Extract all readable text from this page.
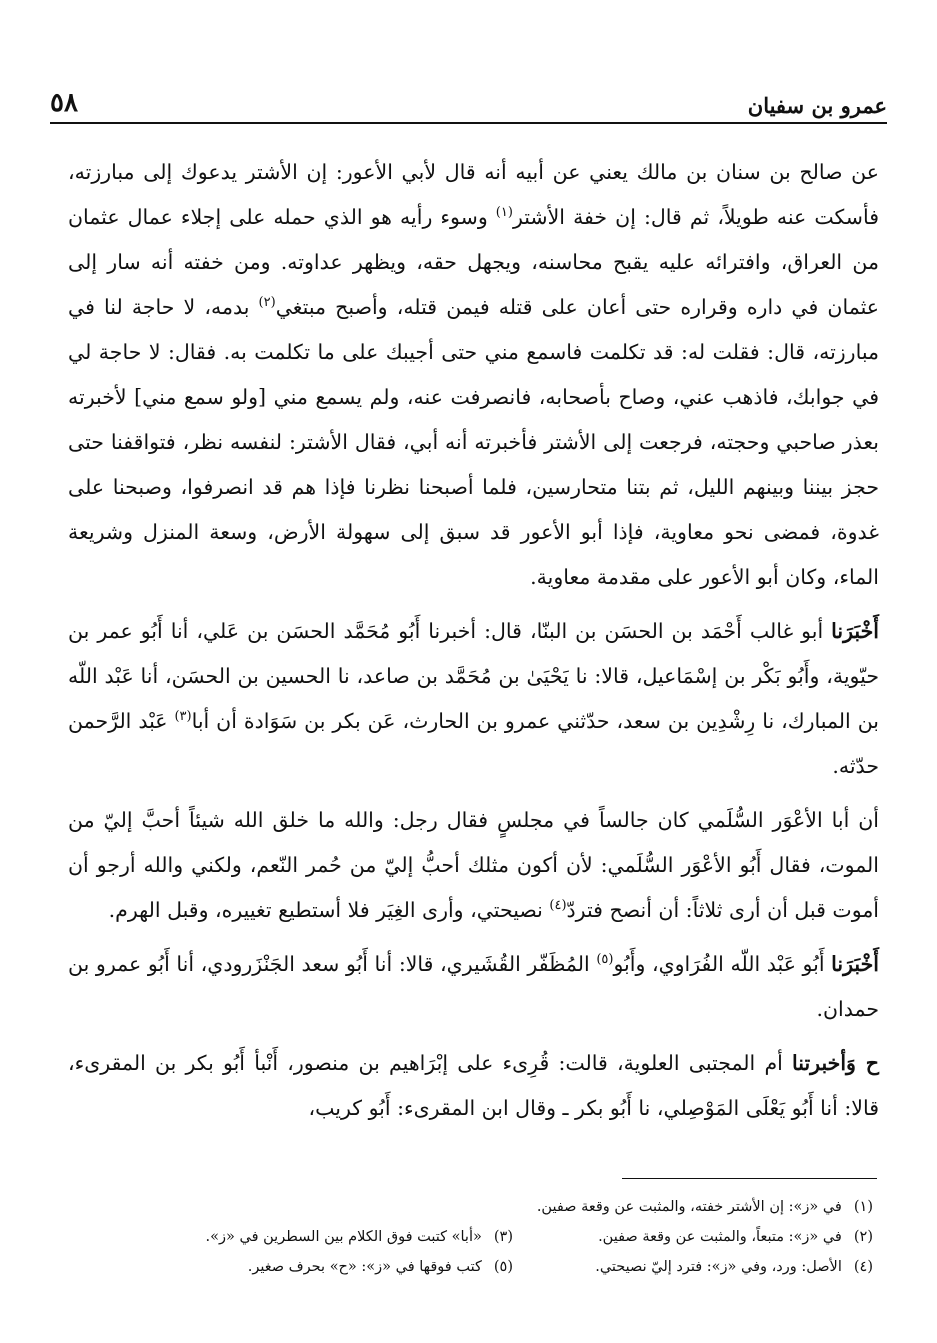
عمرو بن سفيان
٥٨

عن صالح بن سنان بن مالك يعني عن أبيه أنه قال لأبي الأعور: إن الأشتر يدعوك إلى مبارزته، فأسكت عنه طويلاً، ثم قال: إن خفة الأشتر$^{(١)}$ وسوء رأيه هو الذي حمله على إجلاء عمال عثمان من العراق، وافترائه عليه يقبح محاسنه، ويجهل حقه، ويظهر عداوته. ومن خفته أنه سار إلى عثمان في داره وقراره حتى أعان على قتله فيمن قتله، وأصبح مبتغي$^{(٢)}$ بدمه، لا حاجة لنا في مبارزته، قال: فقلت له: قد تكلمت فاسمع مني حتى أجيبك على ما تكلمت به. فقال: لا حاجة لي في جوابك، فاذهب عني، وصاح بأصحابه، فانصرفت عنه، ولم يسمع مني [ولو سمع مني] لأخبرته بعذر صاحبي وحجته، فرجعت إلى الأشتر فأخبرته أنه أبي، فقال الأشتر: لنفسه نظر، فتواقفنا حتى حجز بيننا وبينهم الليل، ثم بتنا متحارسين، فلما أصبحنا نظرنا فإذا هم قد انصرفوا، وصبحنا على غدوة، فمضى نحو معاوية، فإذا أبو الأعور قد سبق إلى سهولة الأرض، وسعة المنزل وشريعة الماء، وكان أبو الأعور على مقدمة معاوية.

أَخْبَرَنا أبو غالب أَحْمَد بن الحسَن بن البنّا، قال: أخبرنا أَبُو مُحَمَّد الحسَن بن عَلي، أنا أَبُو عمر بن حيّوية، وأَبُو بَكْر بن إسْمَاعيل، قالا: نا يَحْيَىٰ بن مُحَمَّد بن صاعد، نا الحسين بن الحسَن، أنا عَبْد اللّه بن المبارك، نا رِشْدِين بن سعد، حدّثني عمرو بن الحارث، عَن بكر بن سَوَادة أن أبا$^{(٣)}$ عَبْد الرَّحمن حدّثه.

أن أبا الأعْوَر السُّلَمي كان جالساً في مجلسٍ فقال رجل: والله ما خلق الله شيئاً أحبَّ إليّ من الموت، فقال أَبُو الأعْوَر السُّلَمي: لأن أكون مثلك أحبُّ إليّ من حُمر النّعم، ولكني والله أرجو أن أموت قبل أن أرى ثلاثاً: أن أنصح فتردّ$^{(٤)}$ نصيحتي، وأرى الغِيَر فلا أستطيع تغييره، وقبل الهرم.

أَخْبَرَنا أَبُو عَبْد اللّه الفُرَاوي، وأَبُو$^{(٥)}$ المُظَفّر القُشَيري، قالا: أنا أَبُو سعد الجَنْزَرودي، أنا أَبُو عمرو بن حمدان.

ح وَأخبرتنا أم المجتبى العلوية، قالت: قُرِىء على إبْرَاهيم بن منصور، أَنْبأ أَبُو بكر بن المقرىء، قالا: أنا أَبُو يَعْلَى المَوْصِلي، نا أَبُو بكر ـ وقال ابن المقرىء: أَبُو كريب،

(١)في «ز»: إن الأشتر خفته، والمثبت عن وقعة صفين.
(٢)في «ز»: متبعاً، والمثبت عن وقعة صفين.
(٣)«أبا» كتبت فوق الكلام بين السطرين في «ز».
(٤)الأصل: ورد، وفي «ز»: فترد إليّ نصيحتي.
(٥)كتب فوقها في «ز»: «ح» بحرف صغير.
